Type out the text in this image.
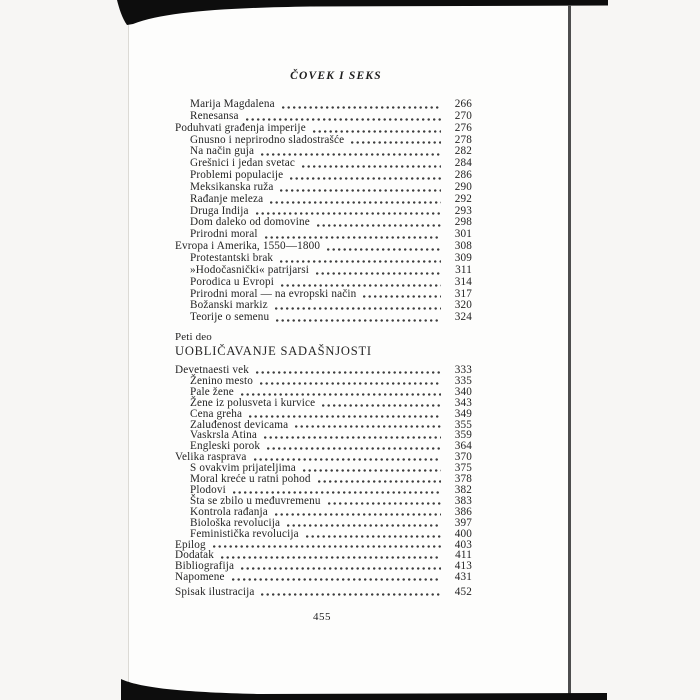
ČOVEK I SEKS
Marija Magdalena	266
Renesansa	270
Poduhvati građenja imperije	276
Gnusno i neprirodno sladostrašće	278
Na način guja	282
Grešnici i jedan svetac	284
Problemi populacije	286
Meksikanska ruža	290
Rađanje meleza	292
Druga Indija	293
Dom daleko od domovine	298
Prirodni moral	301
Evropa i Amerika, 1550—1800	308
Protestantski brak	309
»Hodočasnički« patrijarsi	311
Porodica u Evropi	314
Prirodni moral — na evropski način	317
Božanski markiz	320
Teorije o semenu	324
Peti deo
UOBLIČAVANJE SADAŠNJOSTI
Devetnaesti vek	333
Ženino mesto	335
Pale žene	340
Žene iz polusveta i kurvice	343
Cena greha	349
Zaluđenost devicama	355
Vaskrsla Atina	359
Engleski porok	364
Velika rasprava	370
S ovakvim prijateljima	375
Moral kreće u ratni pohod	378
Plodovi	382
Šta se zbilo u međuvremenu	383
Kontrola rađanja	386
Biološka revolucija	397
Feministička revolucija	400
Epilog	403
Dodatak	411
Bibliografija	413
Napomene	431
Spisak ilustracija	452
455
